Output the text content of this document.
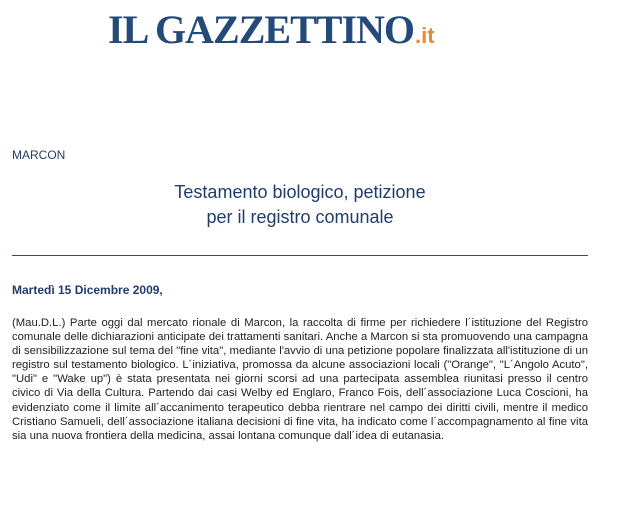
IL GAZZETTINO.it
MARCON
Testamento biologico, petizione
per il registro comunale
Martedì 15 Dicembre 2009,
(Mau.D.L.) Parte oggi dal mercato rionale di Marcon, la raccolta di firme per richiedere l´istituzione del Registro comunale delle dichiarazioni anticipate dei trattamenti sanitari. Anche a Marcon si sta promuovendo una campagna di sensibilizzazione sul tema del "fine vita", mediante l'avvio di una petizione popolare finalizzata all'istituzione di un registro sul testamento biologico. L´iniziativa, promossa da alcune associazioni locali ("Orange", "L´Angolo Acuto", "Udi" e "Wake up") è stata presentata nei giorni scorsi ad una partecipata assemblea riunitasi presso il centro civico di Via della Cultura. Partendo dai casi Welby ed Englaro, Franco Fois, dell´associazione Luca Coscioni, ha evidenziato come il limite all´accanimento terapeutico debba rientrare nel campo dei diritti civili, mentre il medico Cristiano Samueli, dell´associazione italiana decisioni di fine vita, ha indicato come l´accompagnamento al fine vita sia una nuova frontiera della medicina, assai lontana comunque dall´idea di eutanasia.
